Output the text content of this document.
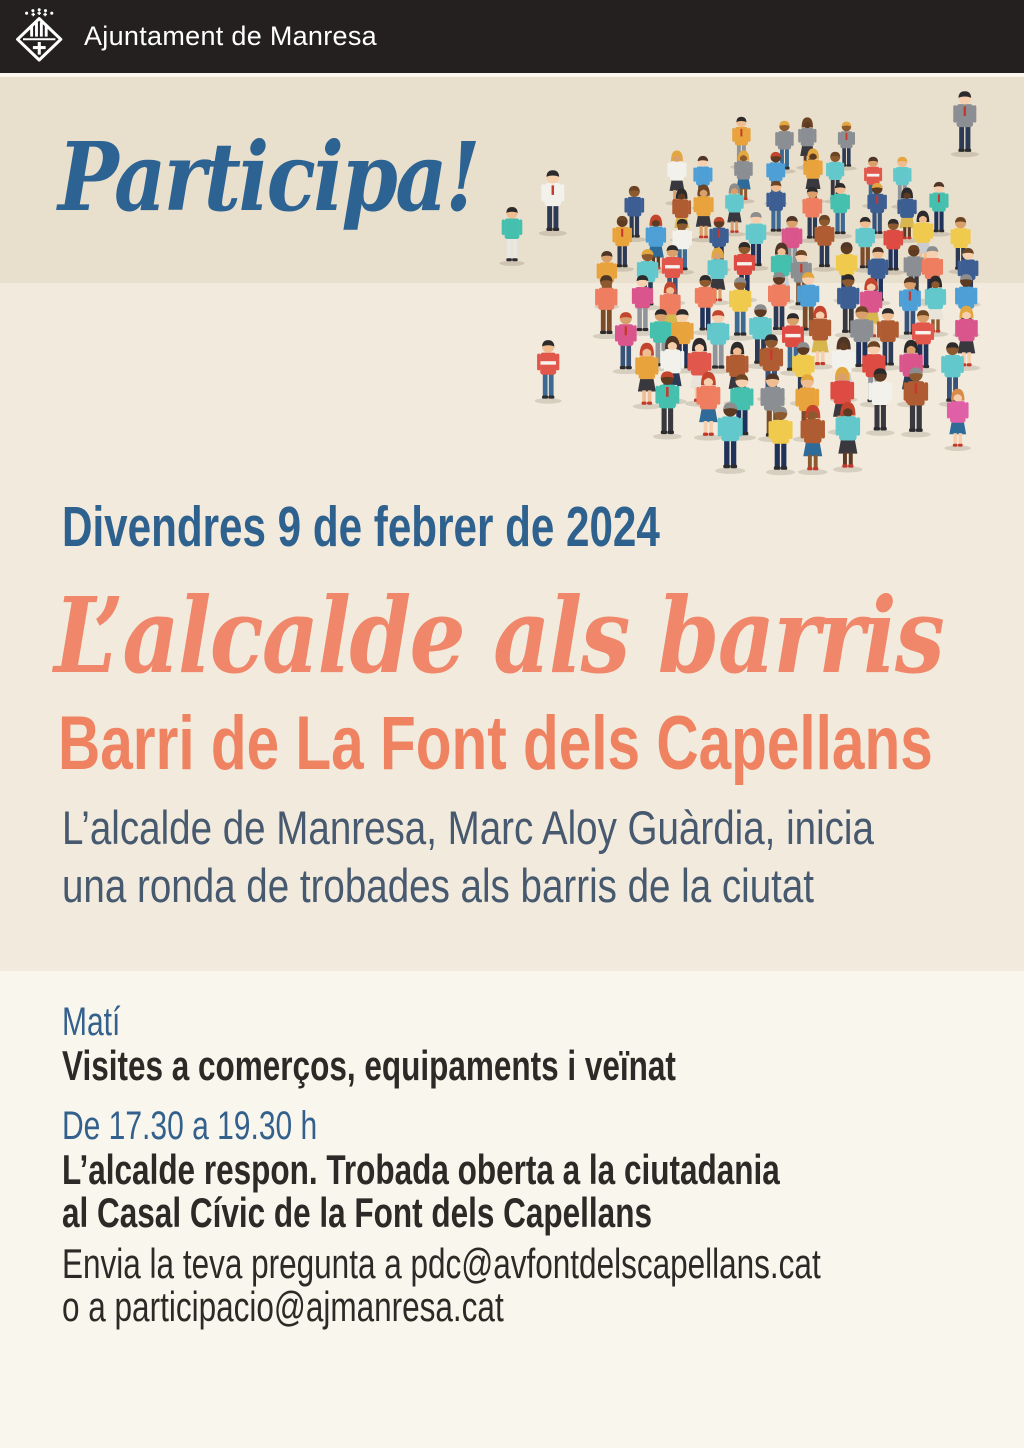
Ajuntament de Manresa
Participa!
Divendres 9 de febrer de 2024
L’alcalde als barris
Barri de La Font dels Capellans
L’alcalde de Manresa, Marc Aloy Guàrdia, inicia
una ronda de trobades als barris de la ciutat
Matí
Visites a comerços, equipaments i veïnat
De 17.30 a 19.30 h
L’alcalde respon. Trobada oberta a la ciutadania
al Casal Cívic de la Font dels Capellans
Envia la teva pregunta a pdc@avfontdelscapellans.cat
o a participacio@ajmanresa.cat
